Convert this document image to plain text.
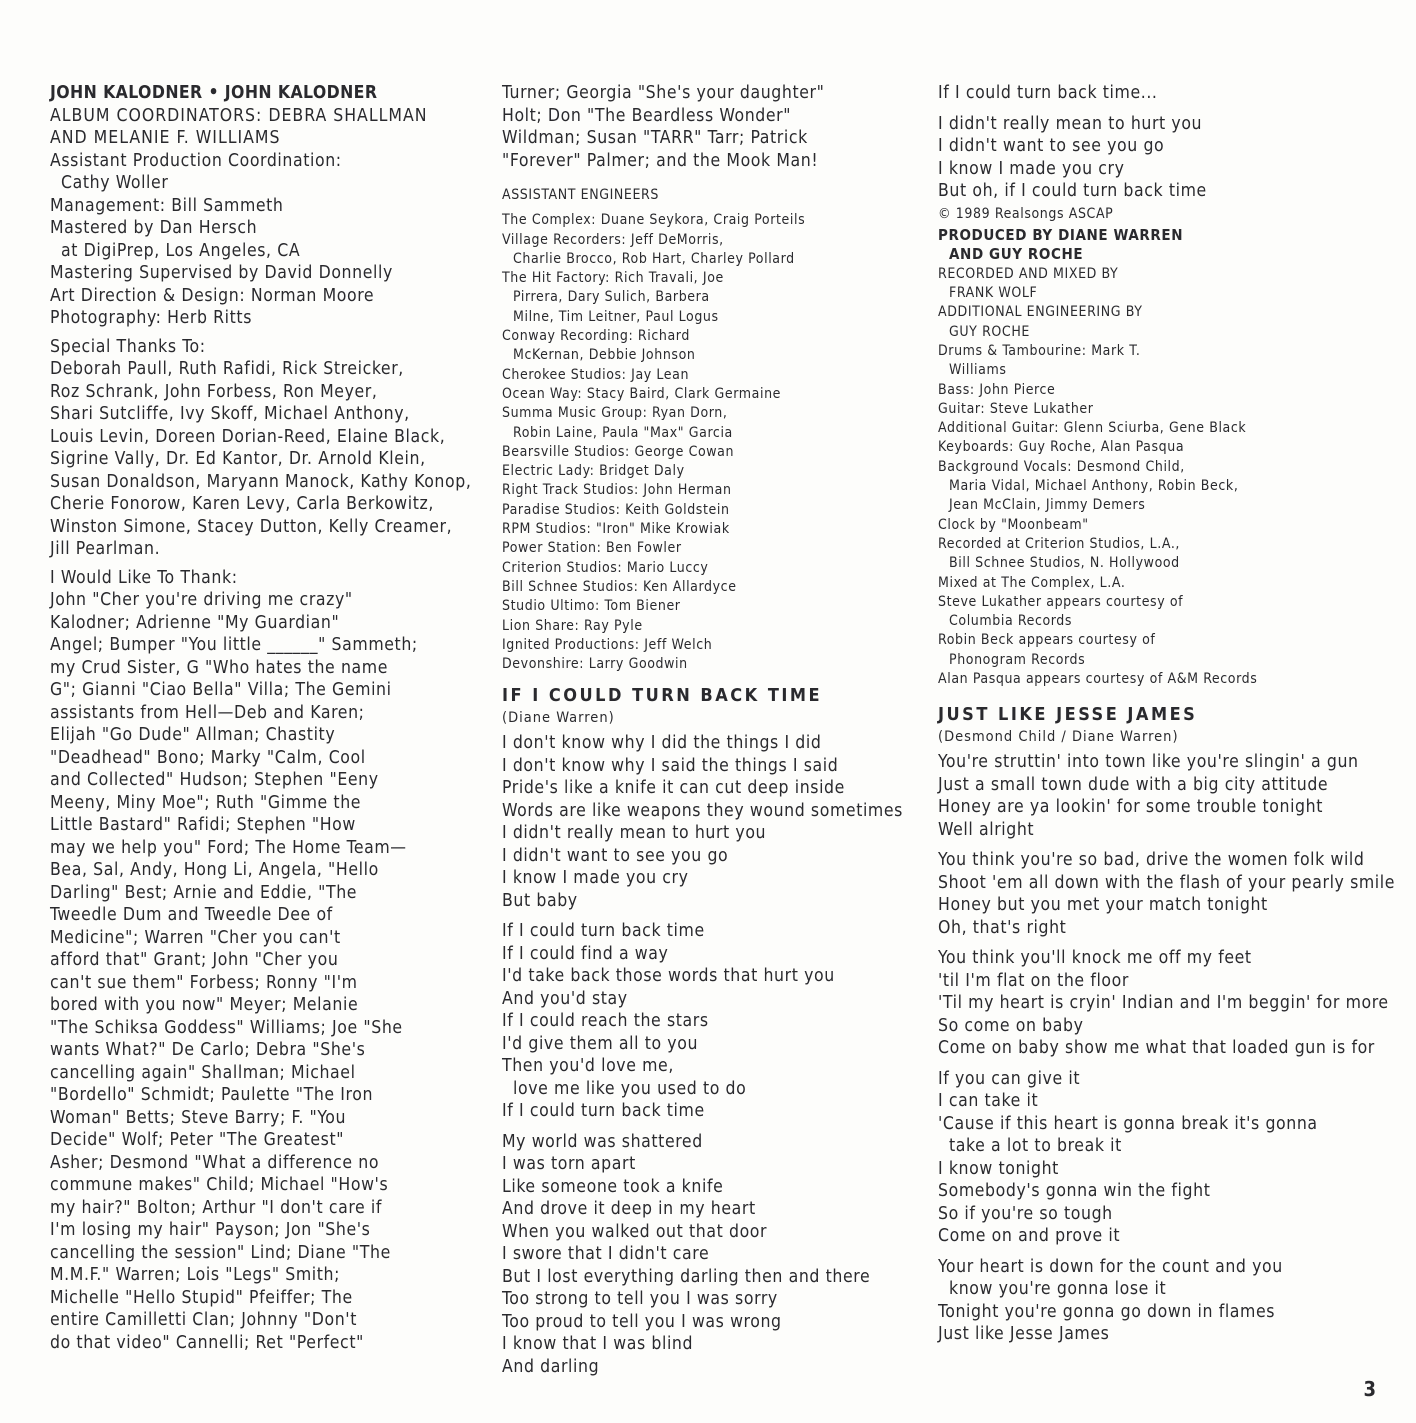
JOHN KALODNER • JOHN KALODNER
ALBUM COORDINATORS: DEBRA SHALLMAN
AND MELANIE F. WILLIAMS
Assistant Production Coordination:
Cathy Woller
Management: Bill Sammeth
Mastered by Dan Hersch
at DigiPrep, Los Angeles, CA
Mastering Supervised by David Donnelly
Art Direction & Design: Norman Moore
Photography: Herb Ritts
Special Thanks To:
Deborah Paull, Ruth Rafidi, Rick Streicker,
Roz Schrank, John Forbess, Ron Meyer,
Shari Sutcliffe, Ivy Skoff, Michael Anthony,
Louis Levin, Doreen Dorian-Reed, Elaine Black,
Sigrine Vally, Dr. Ed Kantor, Dr. Arnold Klein,
Susan Donaldson, Maryann Manock, Kathy Konop,
Cherie Fonorow, Karen Levy, Carla Berkowitz,
Winston Simone, Stacey Dutton, Kelly Creamer,
Jill Pearlman.
I Would Like To Thank:
John "Cher you're driving me crazy"
Kalodner; Adrienne "My Guardian"
Angel; Bumper "You little ______" Sammeth;
my Crud Sister, G "Who hates the name
G"; Gianni "Ciao Bella" Villa; The Gemini
assistants from Hell—Deb and Karen;
Elijah "Go Dude" Allman; Chastity
"Deadhead" Bono; Marky "Calm, Cool
and Collected" Hudson; Stephen "Eeny
Meeny, Miny Moe"; Ruth "Gimme the
Little Bastard" Rafidi; Stephen "How
may we help you" Ford; The Home Team—
Bea, Sal, Andy, Hong Li, Angela, "Hello
Darling" Best; Arnie and Eddie, "The
Tweedle Dum and Tweedle Dee of
Medicine"; Warren "Cher you can't
afford that" Grant; John "Cher you
can't sue them" Forbess; Ronny "I'm
bored with you now" Meyer; Melanie
"The Schiksa Goddess" Williams; Joe "She
wants What?" De Carlo; Debra "She's
cancelling again" Shallman; Michael
"Bordello" Schmidt; Paulette "The Iron
Woman" Betts; Steve Barry; F. "You
Decide" Wolf; Peter "The Greatest"
Asher; Desmond "What a difference no
commune makes" Child; Michael "How's
my hair?" Bolton; Arthur "I don't care if
I'm losing my hair" Payson; Jon "She's
cancelling the session" Lind; Diane "The
M.M.F." Warren; Lois "Legs" Smith;
Michelle "Hello Stupid" Pfeiffer; The
entire Camilletti Clan; Johnny "Don't
do that video" Cannelli; Ret "Perfect"
Turner; Georgia "She's your daughter"
Holt; Don "The Beardless Wonder"
Wildman; Susan "TARR" Tarr; Patrick
"Forever" Palmer; and the Mook Man!
ASSISTANT ENGINEERS
The Complex: Duane Seykora, Craig Porteils
Village Recorders: Jeff DeMorris,
Charlie Brocco, Rob Hart, Charley Pollard
The Hit Factory: Rich Travali, Joe
Pirrera, Dary Sulich, Barbera
Milne, Tim Leitner, Paul Logus
Conway Recording: Richard
McKernan, Debbie Johnson
Cherokee Studios: Jay Lean
Ocean Way: Stacy Baird, Clark Germaine
Summa Music Group: Ryan Dorn,
Robin Laine, Paula "Max" Garcia
Bearsville Studios: George Cowan
Electric Lady: Bridget Daly
Right Track Studios: John Herman
Paradise Studios: Keith Goldstein
RPM Studios: "Iron" Mike Krowiak
Power Station: Ben Fowler
Criterion Studios: Mario Luccy
Bill Schnee Studios: Ken Allardyce
Studio Ultimo: Tom Biener
Lion Share: Ray Pyle
Ignited Productions: Jeff Welch
Devonshire: Larry Goodwin
IF I COULD TURN BACK TIME
(Diane Warren)
I don't know why I did the things I did
I don't know why I said the things I said
Pride's like a knife it can cut deep inside
Words are like weapons they wound sometimes
I didn't really mean to hurt you
I didn't want to see you go
I know I made you cry
But baby
If I could turn back time
If I could find a way
I'd take back those words that hurt you
And you'd stay
If I could reach the stars
I'd give them all to you
Then you'd love me,
love me like you used to do
If I could turn back time
My world was shattered
I was torn apart
Like someone took a knife
And drove it deep in my heart
When you walked out that door
I swore that I didn't care
But I lost everything darling then and there
Too strong to tell you I was sorry
Too proud to tell you I was wrong
I know that I was blind
And darling
If I could turn back time...
I didn't really mean to hurt you
I didn't want to see you go
I know I made you cry
But oh, if I could turn back time
© 1989 Realsongs ASCAP
PRODUCED BY DIANE WARREN
AND GUY ROCHE
RECORDED AND MIXED BY
FRANK WOLF
ADDITIONAL ENGINEERING BY
GUY ROCHE
Drums & Tambourine: Mark T.
Williams
Bass: John Pierce
Guitar: Steve Lukather
Additional Guitar: Glenn Sciurba, Gene Black
Keyboards: Guy Roche, Alan Pasqua
Background Vocals: Desmond Child,
Maria Vidal, Michael Anthony, Robin Beck,
Jean McClain, Jimmy Demers
Clock by "Moonbeam"
Recorded at Criterion Studios, L.A.,
Bill Schnee Studios, N. Hollywood
Mixed at The Complex, L.A.
Steve Lukather appears courtesy of
Columbia Records
Robin Beck appears courtesy of
Phonogram Records
Alan Pasqua appears courtesy of A&M Records
JUST LIKE JESSE JAMES
(Desmond Child / Diane Warren)
You're struttin' into town like you're slingin' a gun
Just a small town dude with a big city attitude
Honey are ya lookin' for some trouble tonight
Well alright
You think you're so bad, drive the women folk wild
Shoot 'em all down with the flash of your pearly smile
Honey but you met your match tonight
Oh, that's right
You think you'll knock me off my feet
'til I'm flat on the floor
'Til my heart is cryin' Indian and I'm beggin' for more
So come on baby
Come on baby show me what that loaded gun is for
If you can give it
I can take it
'Cause if this heart is gonna break it's gonna
take a lot to break it
I know tonight
Somebody's gonna win the fight
So if you're so tough
Come on and prove it
Your heart is down for the count and you
know you're gonna lose it
Tonight you're gonna go down in flames
Just like Jesse James
3
